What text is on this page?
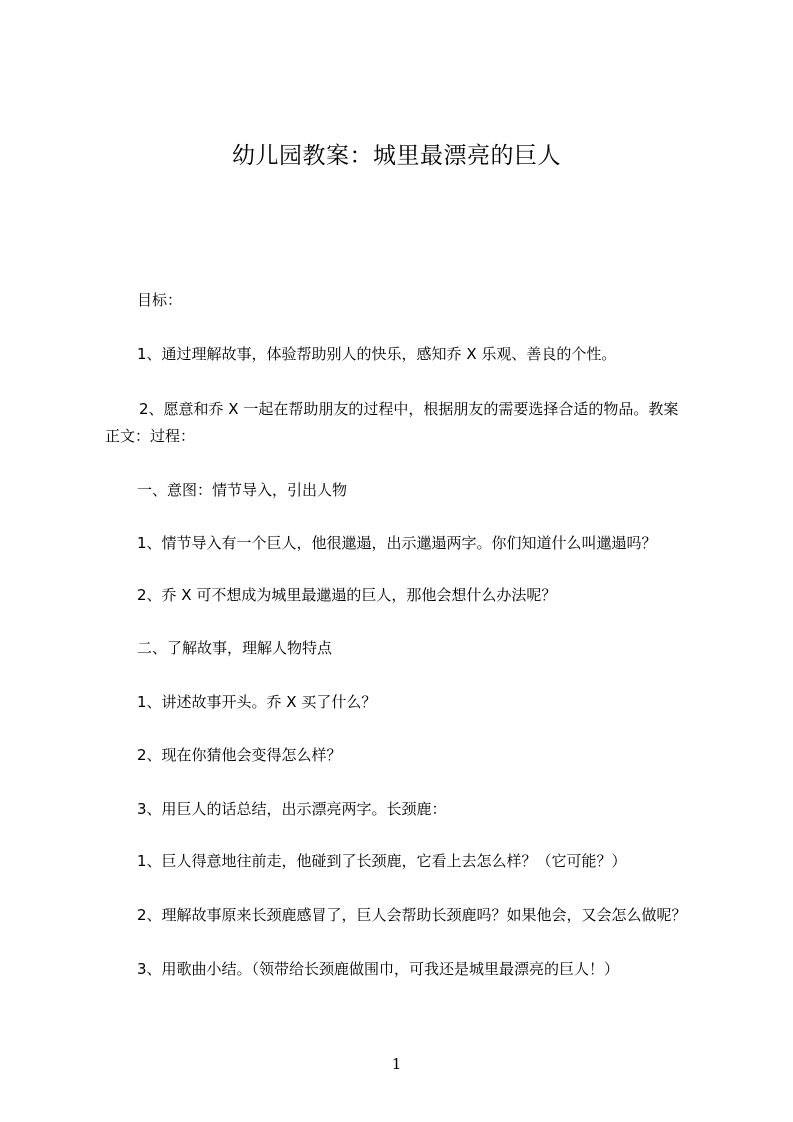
幼儿园教案：城里最漂亮的巨人
目标：
1、通过理解故事，体验帮助别人的快乐，感知乔 X 乐观、善良的个性。
2、愿意和乔 X 一起在帮助朋友的过程中，根据朋友的需要选择合适的物品。教案
正文：过程：
一、意图：情节导入，引出人物
1、情节导入有一个巨人，他很邋遢，出示邋遢两字。你们知道什么叫邋遢吗？
2、乔 X 可不想成为城里最邋遢的巨人，那他会想什么办法呢？
二、了解故事，理解人物特点
1、讲述故事开头。乔 X 买了什么？
2、现在你猜他会变得怎么样？
3、用巨人的话总结，出示漂亮两字。长颈鹿：
1、巨人得意地往前走，他碰到了长颈鹿，它看上去怎么样？（它可能？）
2、理解故事原来长颈鹿感冒了，巨人会帮助长颈鹿吗？如果他会，又会怎么做呢？
3、用歌曲小结。（领带给长颈鹿做围巾，可我还是城里最漂亮的巨人！）
1
